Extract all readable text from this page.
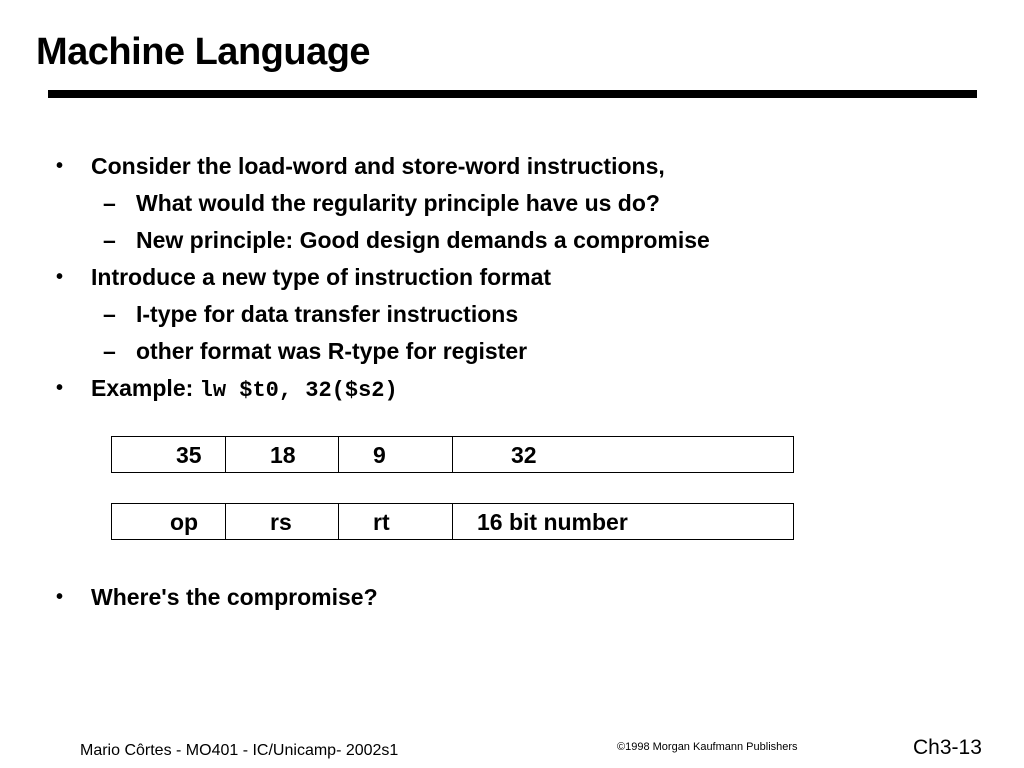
Machine Language
• Consider the load-word and store-word instructions,
– What would the regularity principle have us do?
– New principle: Good design demands a compromise
• Introduce a new type of instruction format
– I-type for data transfer instructions
– other format was R-type for register
• Example: lw $t0, 32($s2)
35	18	9	32
op	rs	rt	16 bit number
• Where's the compromise?
Mario Côrtes - MO401 - IC/Unicamp- 2002s1	©1998 Morgan Kaufmann Publishers	Ch3-13
